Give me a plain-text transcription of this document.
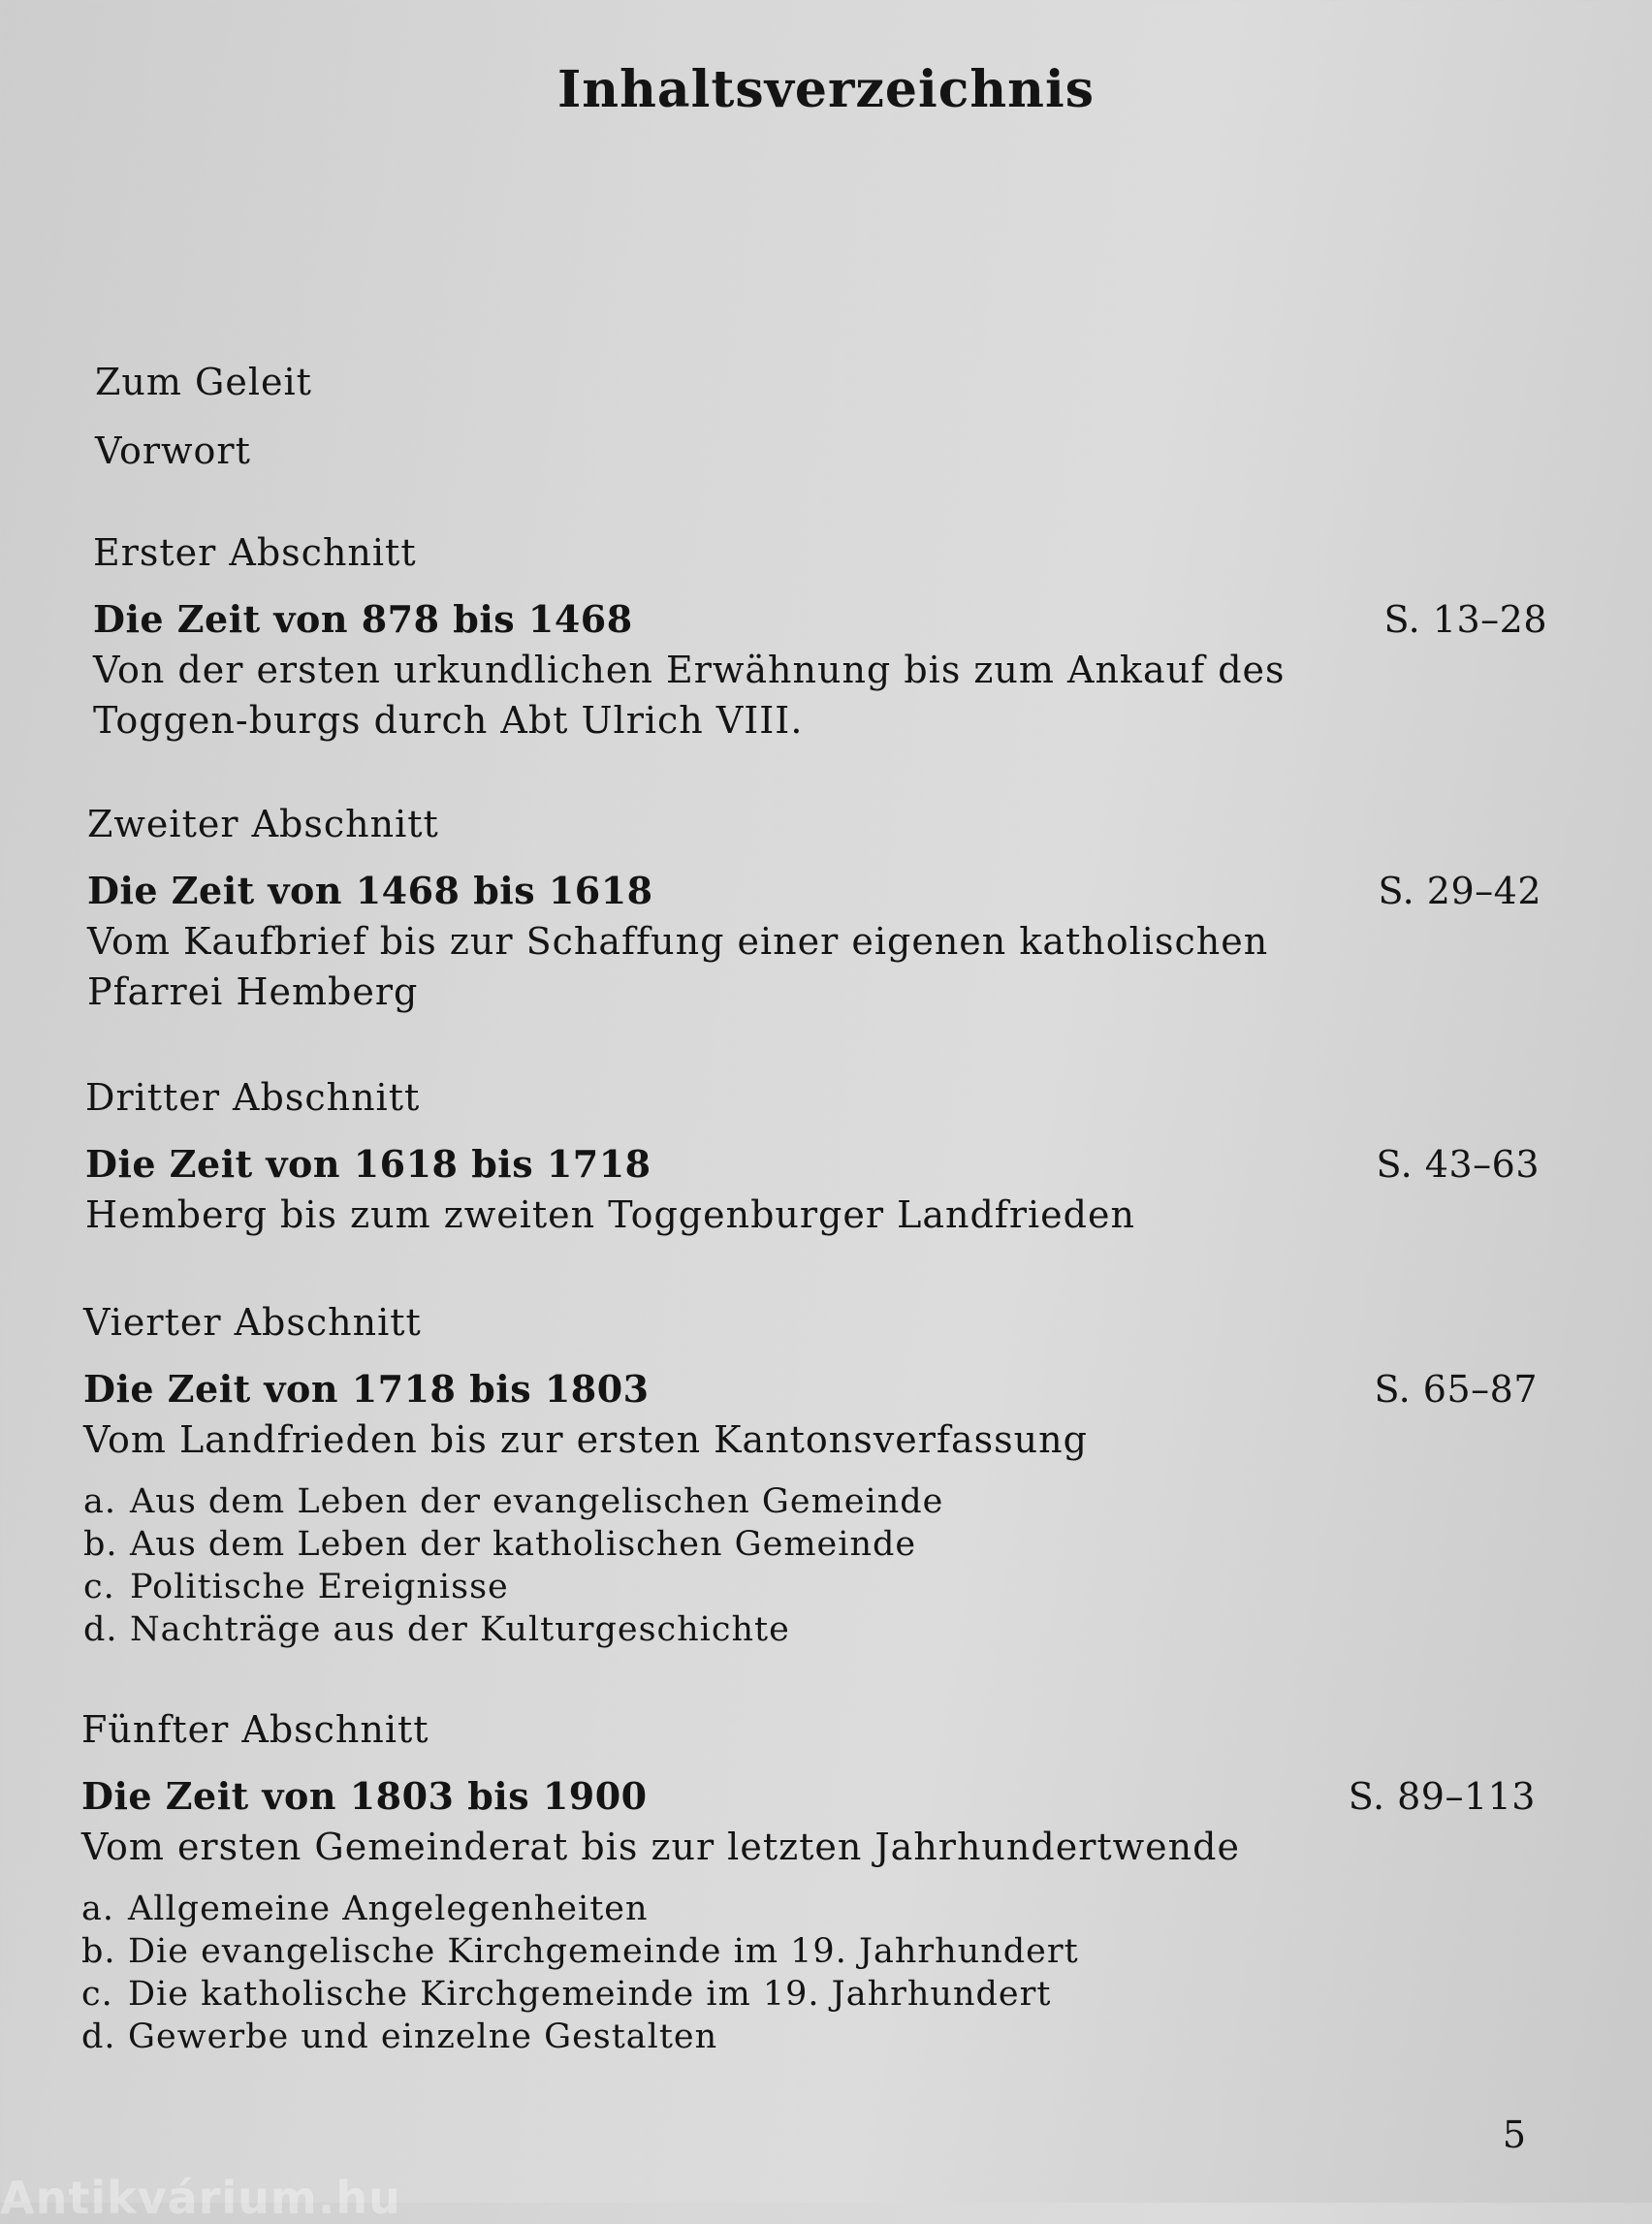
Inhaltsverzeichnis
Zum Geleit
Vorwort
Erster Abschnitt
Die Zeit von 878 bis 1468	S. 13–28
Von der ersten urkundlichen Erwähnung bis zum Ankauf des Toggen-burgs durch Abt Ulrich VIII.
Zweiter Abschnitt
Die Zeit von 1468 bis 1618	S. 29–42
Vom Kaufbrief bis zur Schaffung einer eigenen katholischen Pfarrei Hemberg
Dritter Abschnitt
Die Zeit von 1618 bis 1718	S. 43–63
Hemberg bis zum zweiten Toggenburger Landfrieden
Vierter Abschnitt
Die Zeit von 1718 bis 1803	S. 65–87
Vom Landfrieden bis zur ersten Kantonsverfassung
a. Aus dem Leben der evangelischen Gemeinde
b. Aus dem Leben der katholischen Gemeinde
c. Politische Ereignisse
d. Nachträge aus der Kulturgeschichte
Fünfter Abschnitt
Die Zeit von 1803 bis 1900	S. 89–113
Vom ersten Gemeinderat bis zur letzten Jahrhundertwende
a. Allgemeine Angelegenheiten
b. Die evangelische Kirchgemeinde im 19. Jahrhundert
c. Die katholische Kirchgemeinde im 19. Jahrhundert
d. Gewerbe und einzelne Gestalten
5
Antikvárium.hu
